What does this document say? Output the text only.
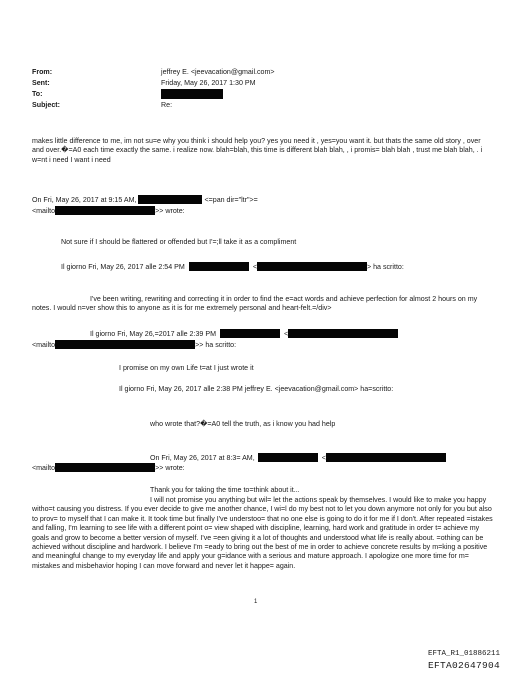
From:	jeffrey E. <jeevacation@gmail.com>
Sent:	Friday, May 26, 2017 1:30 PM
To:
Subject:	Re:
makes little difference to me, im not su=e why you think i should help you? yes you need it , yes=you want it. but thats the same old story , over and over.�=A0 each time exactly the same. i realize now. blah=blah, this time is different blah blah, , i promis= blah blah , trust me blah blah, . i w=nt i need I want i need
On Fri, May 26, 2017 at 9:15 AM,	<=pan dir="ltr">=
<mailto	>> wrote:
Not sure if I should be flattered or offended but I'=;ll take it as a compliment
Il giorno Fri, May 26, 2017 alle 2:54 PM	<	> ha scritto:
I've been writing, rewriting and correcting it in order to find the e=act words and achieve perfection for almost 2 hours on my notes. I would n=ver show this to anyone as it is for me extremely personal and heart-felt.=/div>
Il giorno Fri, May 26,=2017 alle 2:39 PM	<
<mailto	>> ha scritto:
I promise on my own Life t=at I just wrote it
Il giorno Fri, May 26, 2017 alle 2:38 PM jeffrey E. <jeevacation@gmail.com> ha=scritto:
who wrote that?�=A0 tell the truth, as i know you had help
On Fri, May 26, 2017 at 8:3= AM,	<
<mailto	>> wrote:
Thank you for taking the time to=think about it...
I will not promise you anything but wil= let the actions speak by themselves. I would like to make you happy witho=t causing you distress. If you ever decide to give me another chance, I wi=l do my best not to let you down anymore not only for you but also to prov= to myself that I can make it. It took time but finally I've understoo= that no one else is going to do it for me if I don't. After repeated =istakes and falling, I'm learning to see life with a different point o= view shaped with discipline, learning, hard work and gratitude in order t= achieve my goals and grow to become a better version of myself. I've =een giving it a lot of thoughts and understood what life is really about. =othing can be achieved without discipline and hardwork. I believe I'm =eady to bring out the best of me in order to achieve concrete results by m=king a positive and meaningful change to my everyday life and apply your g=idance with a serious and mature approach. I apologize one more time for m= mistakes and misbehavior hoping I can move forward and never let it happe= again.
1
EFTA_R1_01886211
EFTA02647904
